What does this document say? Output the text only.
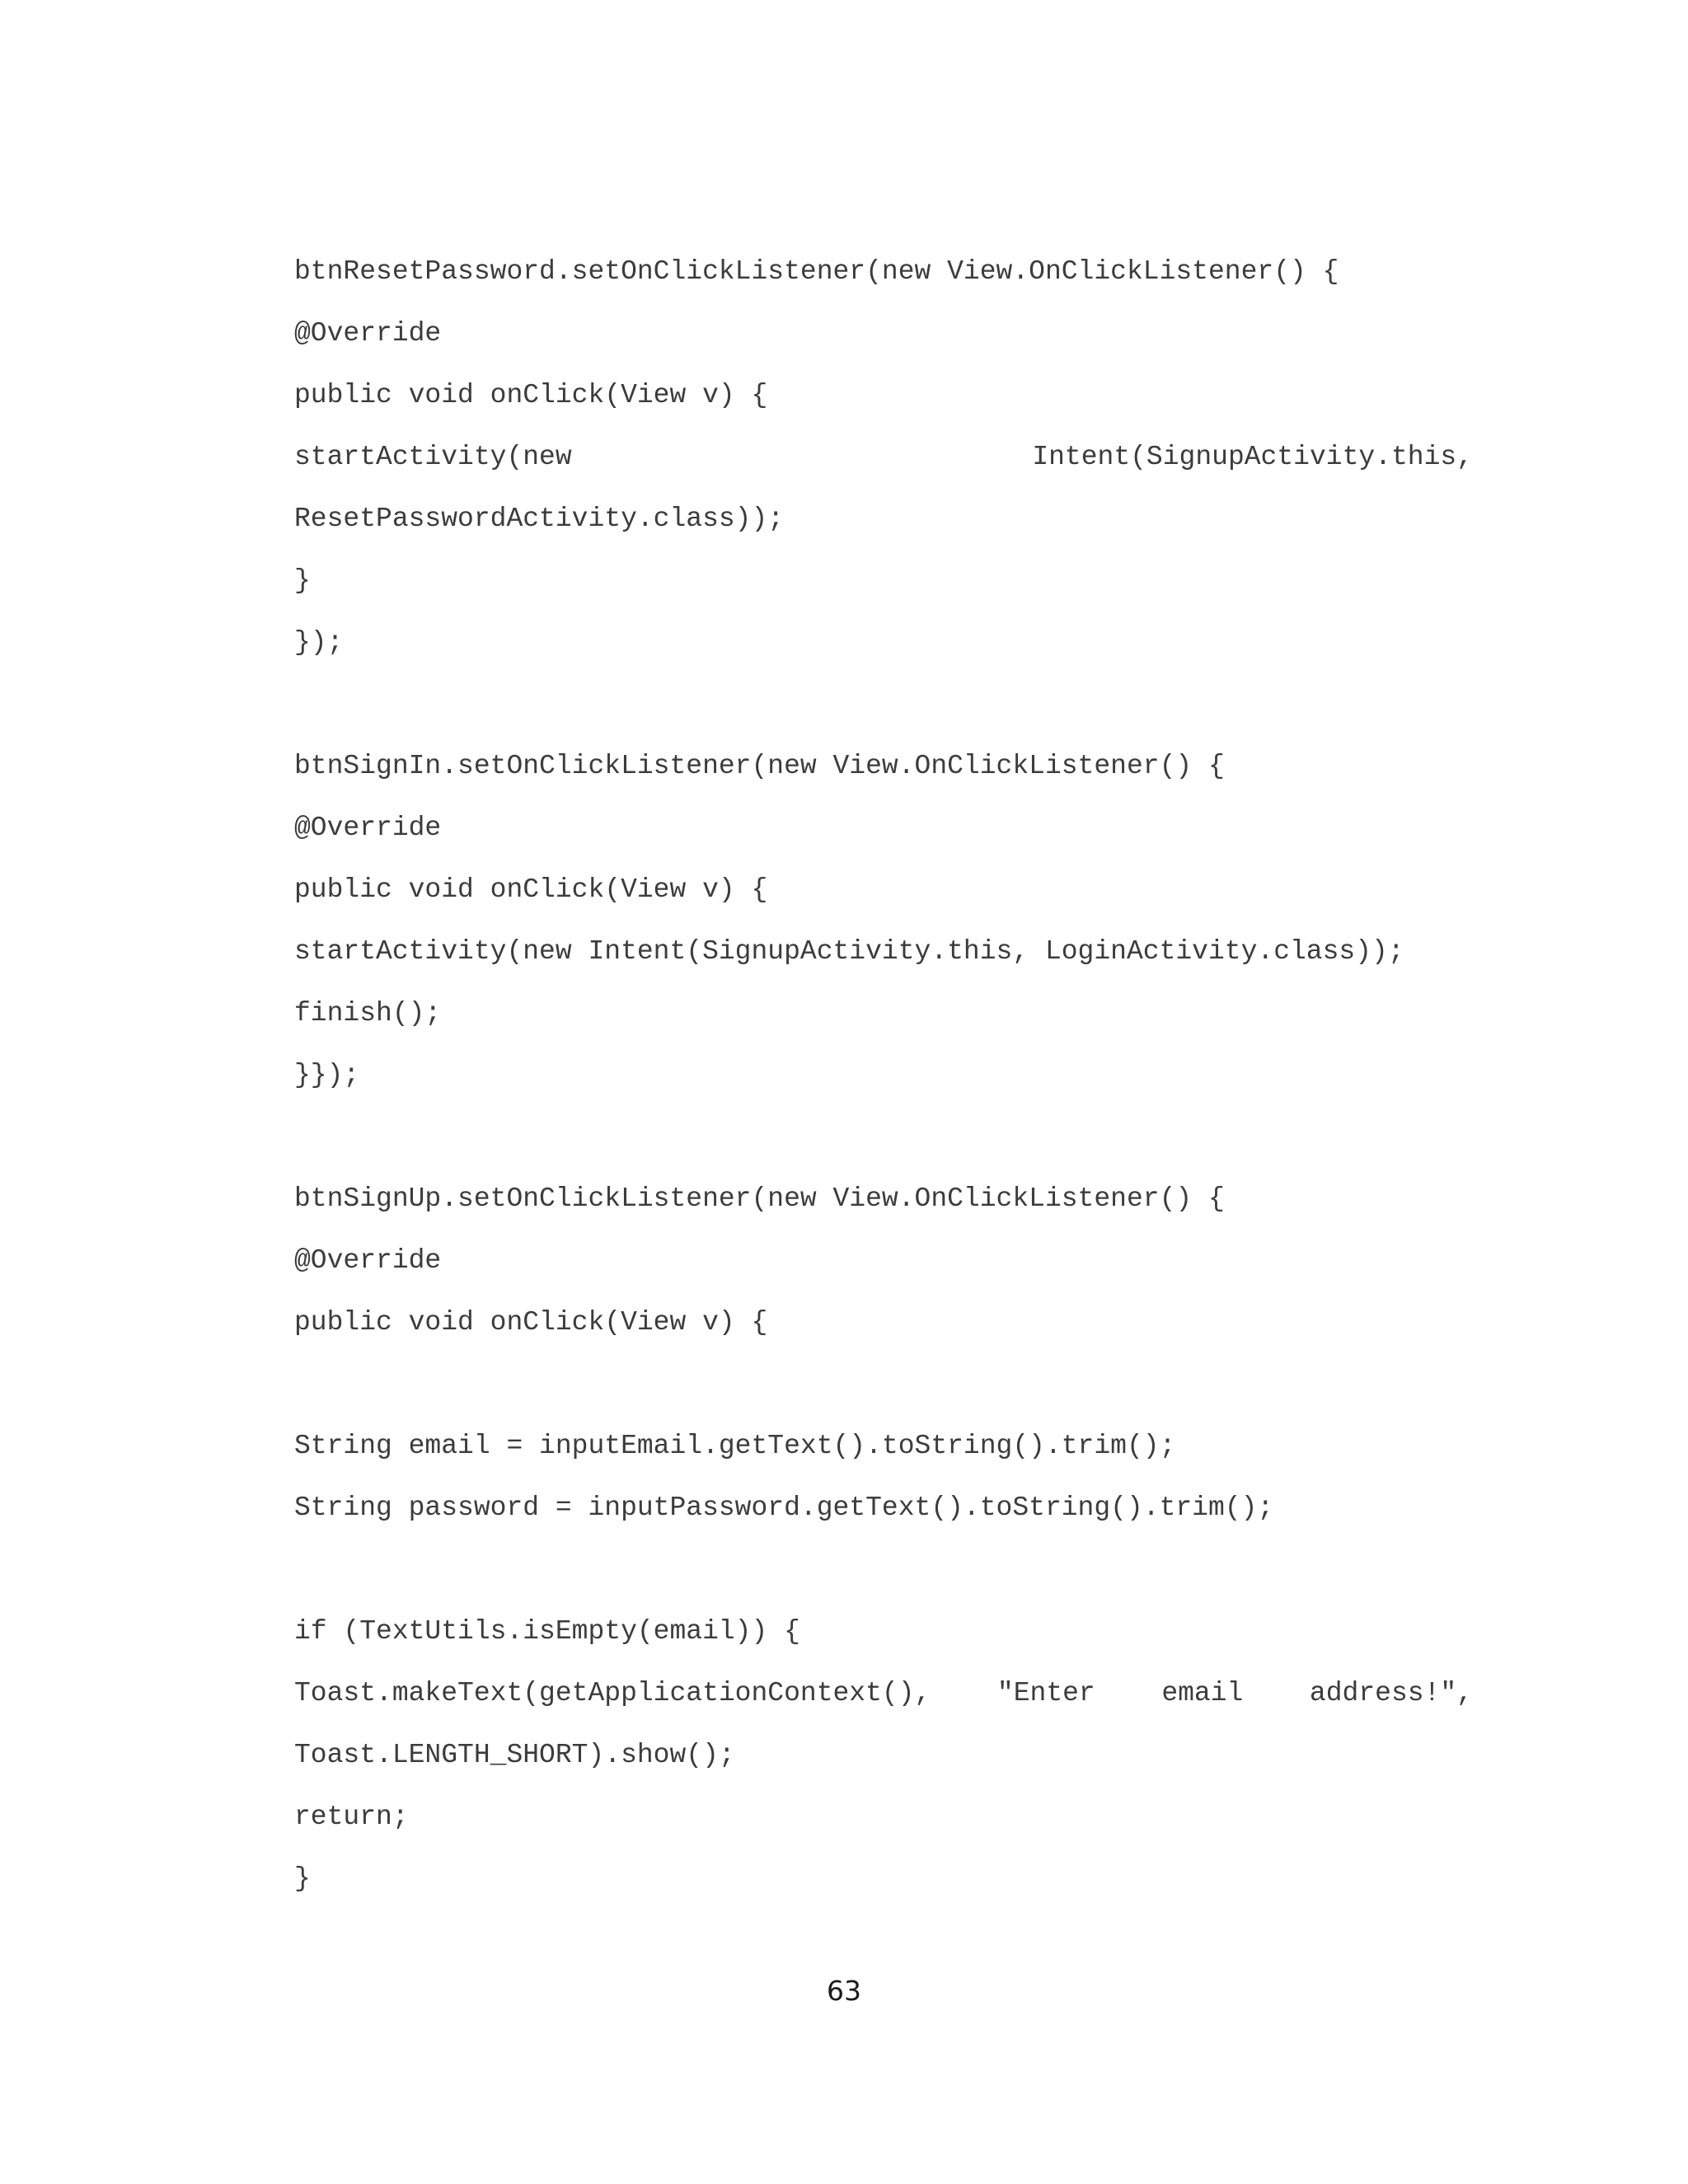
btnResetPassword.setOnClickListener(new View.OnClickListener() {
@Override
public void onClick(View v) {
startActivity(new	Intent(SignupActivity.this,
ResetPasswordActivity.class));
}
});
btnSignIn.setOnClickListener(new View.OnClickListener() {
@Override
public void onClick(View v) {
startActivity(new Intent(SignupActivity.this, LoginActivity.class));
finish();
}});
btnSignUp.setOnClickListener(new View.OnClickListener() {
@Override
public void onClick(View v) {
String email = inputEmail.getText().toString().trim();
String password = inputPassword.getText().toString().trim();
if (TextUtils.isEmpty(email)) {
Toast.makeText(getApplicationContext(), "Enter email address!",
Toast.LENGTH_SHORT).show();
return;
}
63
